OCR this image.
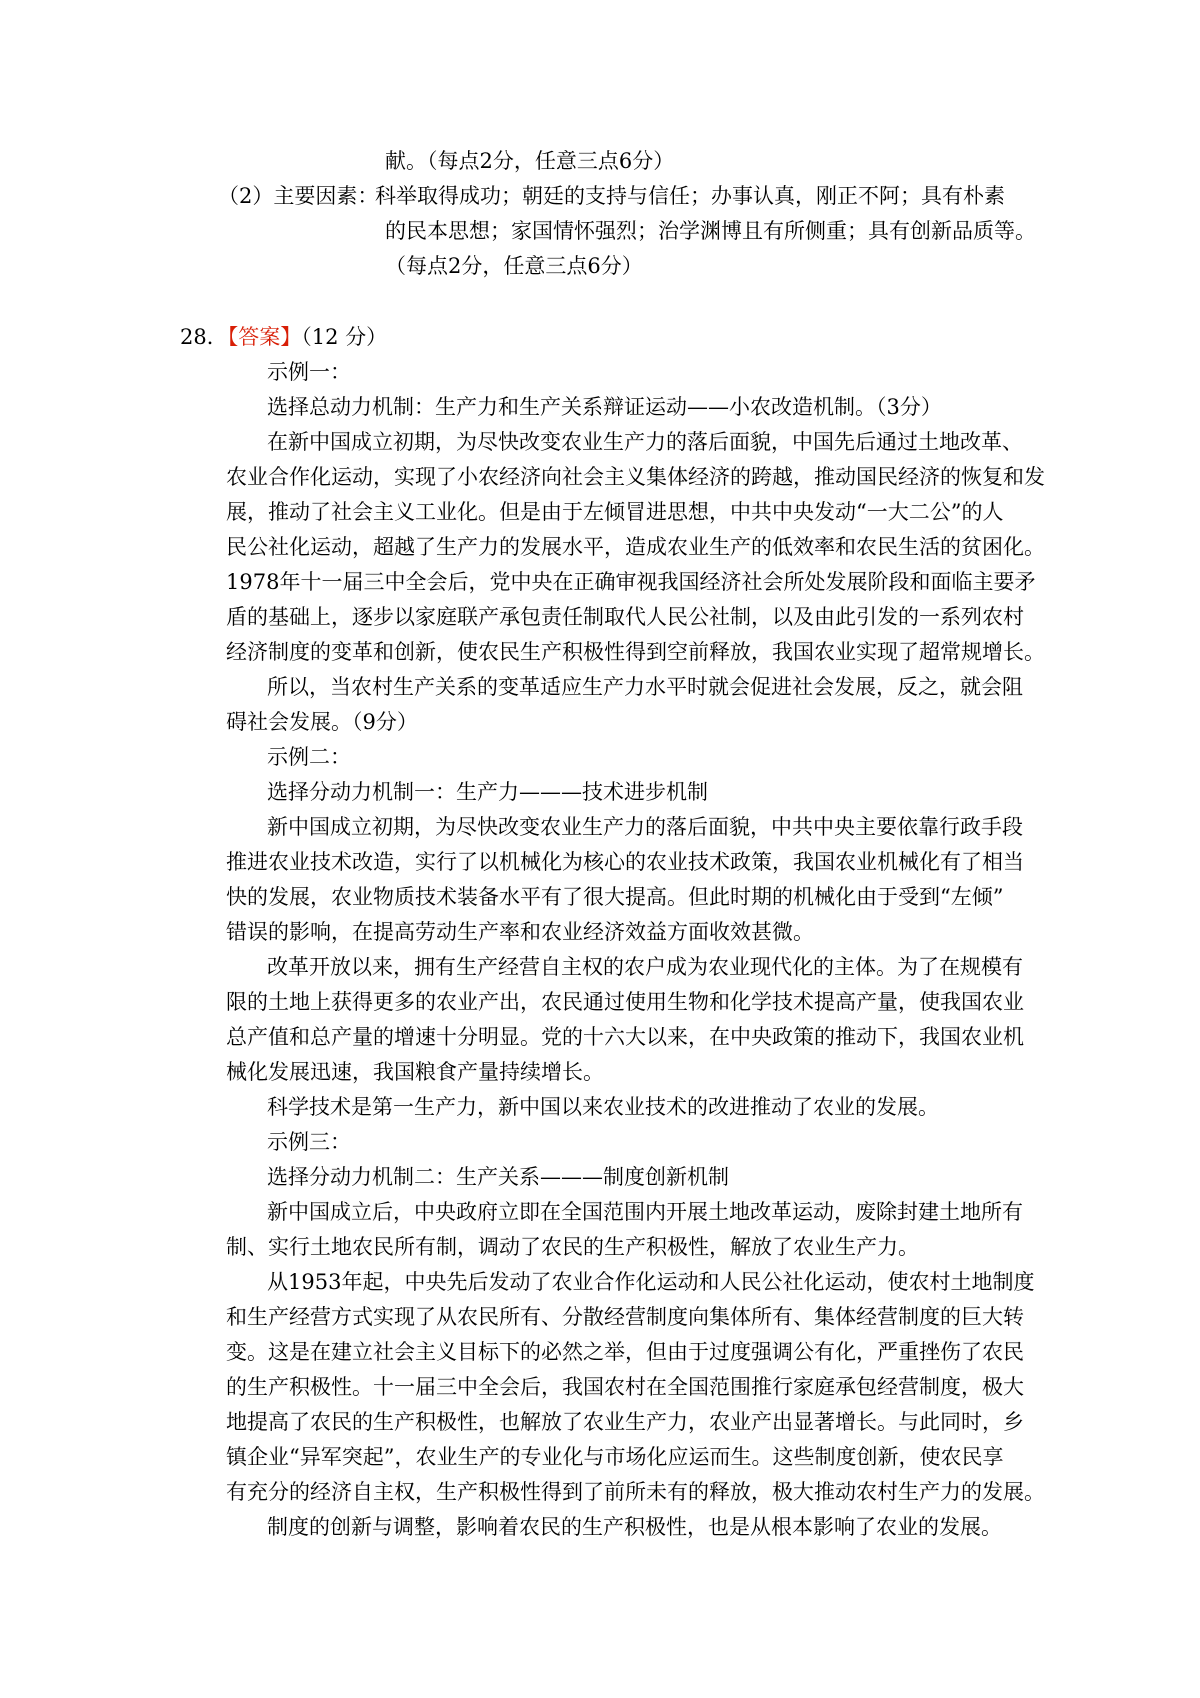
献。（每点2分，任意三点6分）
（2）主要因素：
科举取得成功；朝廷的支持与信任；办事认真，刚正不阿；具有朴素
的民本思想；家国情怀强烈；治学渊博且有所侧重；具有创新品质等。
（每点2分，任意三点6分）
28．【答案】（12 分）
示例一：
选择总动力机制：生产力和生产关系辩证运动——小农改造机制。（3分）
在新中国成立初期，为尽快改变农业生产力的落后面貌，中国先后通过土地改革、
农业合作化运动，实现了小农经济向社会主义集体经济的跨越，推动国民经济的恢复和发
展，推动了社会主义工业化。但是由于左倾冒进思想，中共中央发动“一大二公”的人
民公社化运动，超越了生产力的发展水平，造成农业生产的低效率和农民生活的贫困化。
1978年十一届三中全会后，党中央在正确审视我国经济社会所处发展阶段和面临主要矛
盾的基础上，逐步以家庭联产承包责任制取代人民公社制，以及由此引发的一系列农村
经济制度的变革和创新，使农民生产积极性得到空前释放，我国农业实现了超常规增长。
所以，当农村生产关系的变革适应生产力水平时就会促进社会发展，反之，就会阻
碍社会发展。（9分）
示例二：
选择分动力机制一：生产力———技术进步机制
新中国成立初期，为尽快改变农业生产力的落后面貌，中共中央主要依靠行政手段
推进农业技术改造，实行了以机械化为核心的农业技术政策，我国农业机械化有了相当
快的发展，农业物质技术装备水平有了很大提高。但此时期的机械化由于受到“左倾”
错误的影响，在提高劳动生产率和农业经济效益方面收效甚微。
改革开放以来，拥有生产经营自主权的农户成为农业现代化的主体。为了在规模有
限的土地上获得更多的农业产出，农民通过使用生物和化学技术提高产量，使我国农业
总产值和总产量的增速十分明显。党的十六大以来，在中央政策的推动下，我国农业机
械化发展迅速，我国粮食产量持续增长。
科学技术是第一生产力，新中国以来农业技术的改进推动了农业的发展。
示例三：
选择分动力机制二：生产关系———制度创新机制
新中国成立后，中央政府立即在全国范围内开展土地改革运动，废除封建土地所有
制、实行土地农民所有制，调动了农民的生产积极性，解放了农业生产力。
从1953年起，中央先后发动了农业合作化运动和人民公社化运动，使农村土地制度
和生产经营方式实现了从农民所有、分散经营制度向集体所有、集体经营制度的巨大转
变。这是在建立社会主义目标下的必然之举，但由于过度强调公有化，严重挫伤了农民
的生产积极性。十一届三中全会后，我国农村在全国范围推行家庭承包经营制度，极大
地提高了农民的生产积极性，也解放了农业生产力，农业产出显著增长。与此同时，乡
镇企业“异军突起”，农业生产的专业化与市场化应运而生。这些制度创新，使农民享
有充分的经济自主权，生产积极性得到了前所未有的释放，极大推动农村生产力的发展。
制度的创新与调整，影响着农民的生产积极性，也是从根本影响了农业的发展。
